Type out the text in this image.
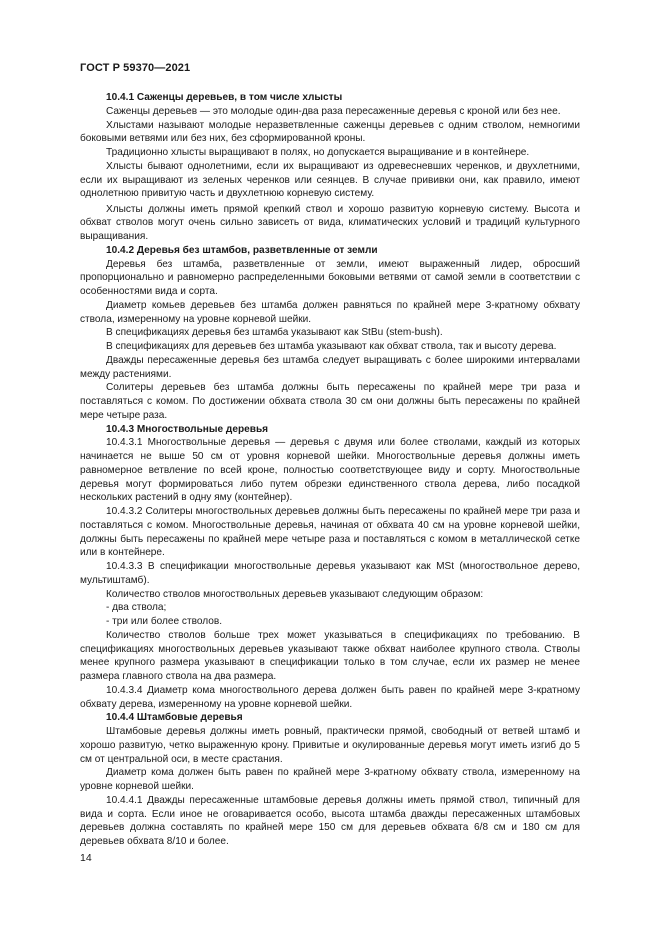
ГОСТ Р 59370—2021

10.4.1 Саженцы деревьев, в том числе хлысты

Саженцы деревьев — это молодые один-два раза пересаженные деревья с кроной или без нее.

Хлыстами называют молодые неразветвленные саженцы деревьев с одним стволом, немногими боковыми ветвями или без них, без сформированной кроны.

Традиционно хлысты выращивают в полях, но допускается выращивание и в контейнере.

Хлысты бывают однолетними, если их выращивают из одревесневших черенков, и двухлетними, если их выращивают из зеленых черенков или сеянцев. В случае прививки они, как правило, имеют однолетнюю привитую часть и двухлетнюю корневую систему.

Хлысты должны иметь прямой крепкий ствол и хорошо развитую корневую систему. Высота и обхват стволов могут очень сильно зависеть от вида, климатических условий и традиций культурного выращивания.

10.4.2 Деревья без штамбов, разветвленные от земли

Деревья без штамба, разветвленные от земли, имеют выраженный лидер, обросший пропорционально и равномерно распределенными боковыми ветвями от самой земли в соответствии с особенностями вида и сорта.

Диаметр комьев деревьев без штамба должен равняться по крайней мере 3-кратному обхвату ствола, измеренному на уровне корневой шейки.

В спецификациях деревья без штамба указывают как StBu (stem-bush).

В спецификациях для деревьев без штамба указывают как обхват ствола, так и высоту дерева.

Дважды пересаженные деревья без штамба следует выращивать с более широкими интервалами между растениями.

Солитеры деревьев без штамба должны быть пересажены по крайней мере три раза и поставляться с комом. По достижении обхвата ствола 30 см они должны быть пересажены по крайней мере четыре раза.

10.4.3 Многоствольные деревья

10.4.3.1 Многоствольные деревья — деревья с двумя или более стволами, каждый из которых начинается не выше 50 см от уровня корневой шейки. Многоствольные деревья должны иметь равномерное ветвление по всей кроне, полностью соответствующее виду и сорту. Многоствольные деревья могут формироваться либо путем обрезки единственного ствола дерева, либо посадкой нескольких растений в одну яму (контейнер).

10.4.3.2 Солитеры многоствольных деревьев должны быть пересажены по крайней мере три раза и поставляться с комом. Многоствольные деревья, начиная от обхвата 40 см на уровне корневой шейки, должны быть пересажены по крайней мере четыре раза и поставляться с комом в металлической сетке или в контейнере.

10.4.3.3 В спецификации многоствольные деревья указывают как MSt (многоствольное дерево, мультиштамб).

Количество стволов многоствольных деревьев указывают следующим образом:

- два ствола;

- три или более стволов.

Количество стволов больше трех может указываться в спецификациях по требованию. В спецификациях многоствольных деревьев указывают также обхват наиболее крупного ствола. Стволы менее крупного размера указывают в спецификации только в том случае, если их размер не менее размера главного ствола на два размера.

10.4.3.4 Диаметр кома многоствольного дерева должен быть равен по крайней мере 3-кратному обхвату дерева, измеренному на уровне корневой шейки.

10.4.4 Штамбовые деревья

Штамбовые деревья должны иметь ровный, практически прямой, свободный от ветвей штамб и хорошо развитую, четко выраженную крону. Привитые и окулированные деревья могут иметь изгиб до 5 см от центральной оси, в месте срастания.

Диаметр кома должен быть равен по крайней мере 3-кратному обхвату ствола, измеренному на уровне корневой шейки.

10.4.4.1 Дважды пересаженные штамбовые деревья должны иметь прямой ствол, типичный для вида и сорта. Если иное не оговаривается особо, высота штамба дважды пересаженных штамбовых деревьев должна составлять по крайней мере 150 см для деревьев обхвата 6/8 см и 180 см для деревьев обхвата 8/10 и более.

14
